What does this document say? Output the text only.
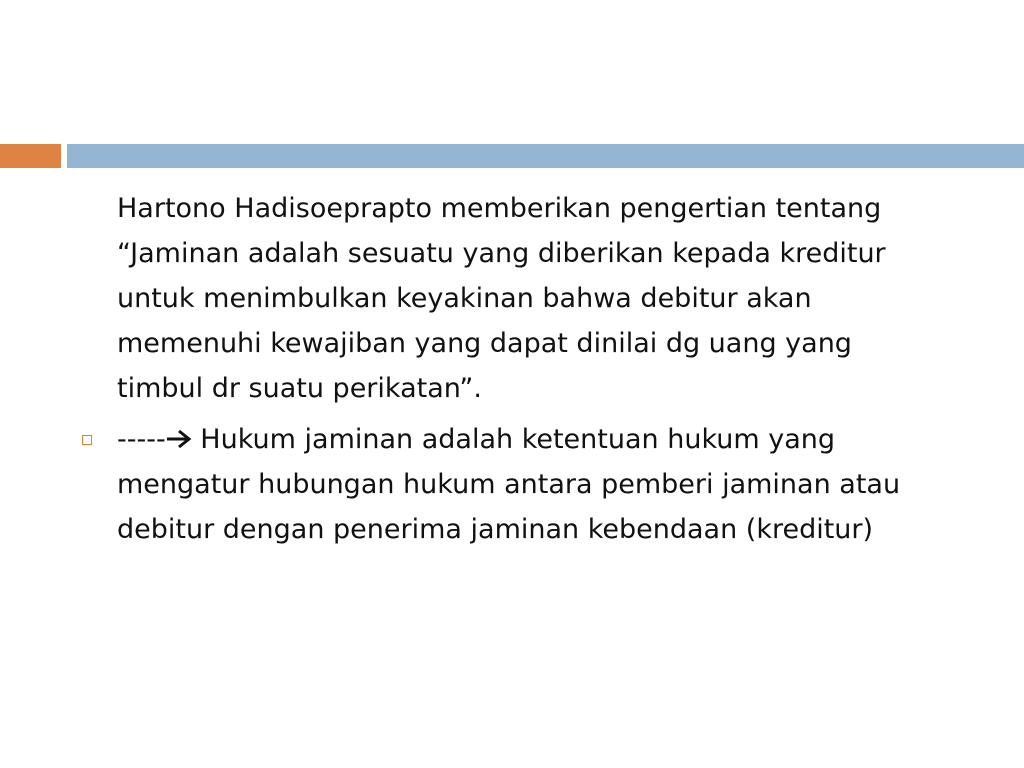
Hartono Hadisoeprapto memberikan pengertian tentang “Jaminan adalah sesuatu yang diberikan kepada kreditur untuk menimbulkan keyakinan bahwa debitur akan memenuhi kewajiban yang dapat dinilai dg uang yang timbul dr suatu perikatan”.

----- Hukum jaminan adalah ketentuan hukum yang mengatur hubungan hukum antara pemberi jaminan atau debitur dengan penerima jaminan kebendaan (kreditur)
